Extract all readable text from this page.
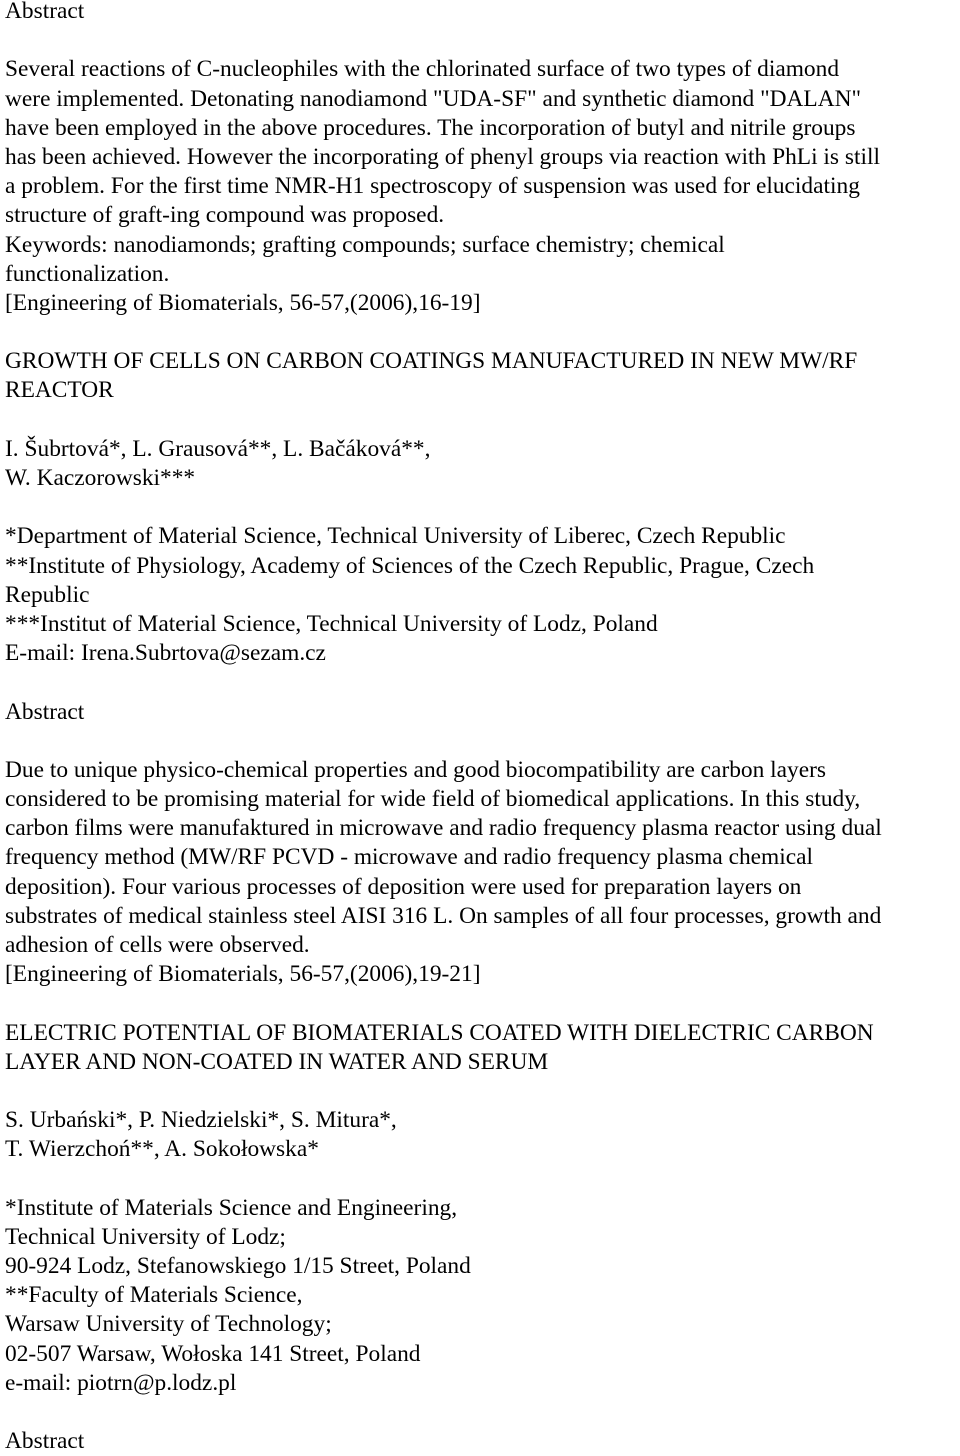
Abstract
Several reactions of C-nucleophiles with the chlorinated surface of two types of diamond
were implemented. Detonating nanodiamond "UDA-SF" and synthetic diamond "DALAN"
have been employed in the above procedures. The incorporation of butyl and nitrile groups
has been achieved. However the incorporating of phenyl groups via reaction with PhLi is still
a problem. For the first time NMR-H1 spectroscopy of suspension was used for elucidating
structure of graft-ing compound was proposed.
Keywords: nanodiamonds; grafting compounds; surface chemistry; chemical
functionalization.
[Engineering of Biomaterials, 56-57,(2006),16-19]
GROWTH OF CELLS ON CARBON COATINGS MANUFACTURED IN NEW MW/RF
REACTOR
I. Šubrtová*, L. Grausová**, L. Bačáková**,
W. Kaczorowski***
*Department of Material Science, Technical University of Liberec, Czech Republic
**Institute of Physiology, Academy of Sciences of the Czech Republic, Prague, Czech
Republic
***Institut of Material Science, Technical University of Lodz, Poland
E-mail: Irena.Subrtova@sezam.cz
Abstract
Due to unique physico-chemical properties and good biocompatibility are carbon layers
considered to be promising material for wide field of biomedical applications. In this study,
carbon films were manufaktured in microwave and radio frequency plasma reactor using dual
frequency method (MW/RF PCVD - microwave and radio frequency plasma chemical
deposition). Four various processes of deposition were used for preparation layers on
substrates of medical stainless steel AISI 316 L. On samples of all four processes, growth and
adhesion of cells were observed.
[Engineering of Biomaterials, 56-57,(2006),19-21]
ELECTRIC POTENTIAL OF BIOMATERIALS COATED WITH DIELECTRIC CARBON
LAYER AND NON-COATED IN WATER AND SERUM
S. Urbański*, P. Niedzielski*, S. Mitura*,
T. Wierzchoń**, A. Sokołowska*
*Institute of Materials Science and Engineering,
Technical University of Lodz;
90-924 Lodz, Stefanowskiego 1/15 Street, Poland
**Faculty of Materials Science,
Warsaw University of Technology;
02-507 Warsaw, Wołoska 141 Street, Poland
e-mail: piotrn@p.lodz.pl
Abstract
